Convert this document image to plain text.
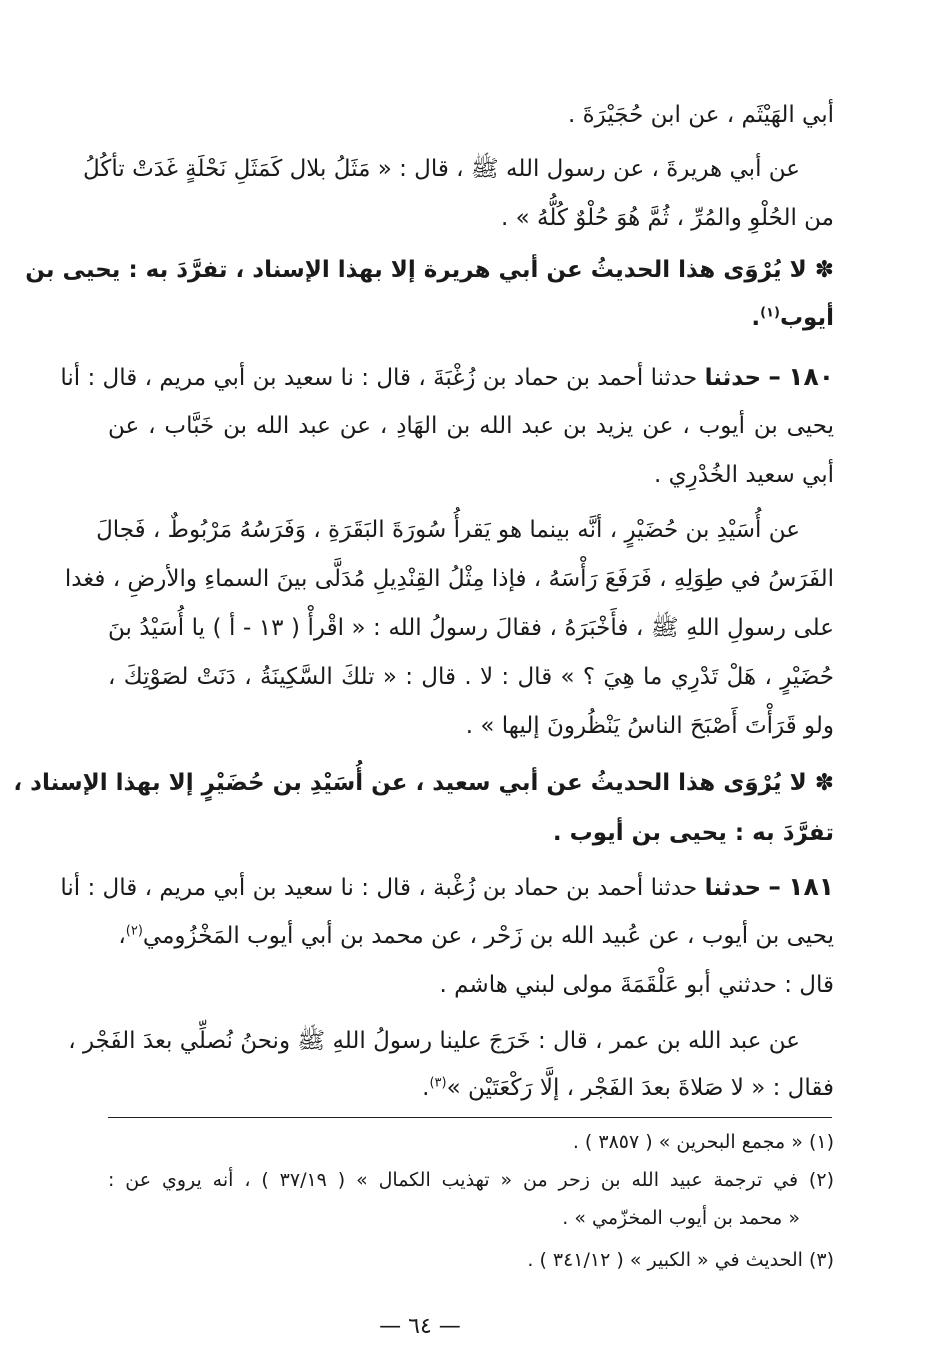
أبي الهَيْثَم ، عن ابن حُجَيْرَةَ .
عن أبي هريرةَ ، عن رسول الله ﷺ ، قال : « مَثَلُ بلال كَمَثَلِ نَحْلَةٍ غَدَتْ تأكُلُ
من الحُلْوِ والمُرِّ ، ثُمَّ هُوَ حُلْوٌ كُلُّهُ » .
✽ لا يُرْوَى هذا الحديثُ عن أبي هريرة إلا بهذا الإسناد ، تفرَّدَ به : يحيى بن
أيوب$^{(١)}$.
١٨٠ – حدثنا حدثنا أحمد بن حماد بن زُغْبَةَ ، قال : نا سعيد بن أبي مريم ، قال : أنا
يحيى بن أيوب ، عن يزيد بن عبد الله بن الهَادِ ، عن عبد الله بن خَبَّاب ، عن
أبي سعيد الخُدْرِي .
عن أُسَيْدِ بن حُضَيْرٍ ، أنَّه بينما هو يَقرأُ سُورَةَ البَقَرَةِ ، وَفَرَسُهُ مَرْبُوطٌ ، فَجالَ
الفَرَسُ في طِوَلِهِ ، فَرَفَعَ رَأْسَهُ ، فإذا مِثْلُ القِنْدِيلِ مُدَلَّى بينَ السماءِ والأرضِ ، فغدا
على رسولِ اللهِ ﷺ ، فأَخْبَرَهُ ، فقالَ رسولُ الله : « اقْرأْ ( ١٣ - أ ) يا أُسَيْدُ بنَ
حُضَيْرٍ ، هَلْ تَدْرِي ما هِيَ ؟ » قال : لا . قال : « تلكَ السَّكِينَةُ ، دَنَتْ لصَوْتِكَ ،
ولو قَرَأْتَ أَصْبَحَ الناسُ يَنْظُرونَ إليها » .
✽ لا يُرْوَى هذا الحديثُ عن أبي سعيد ، عن أُسَيْدِ بن حُضَيْرٍ إلا بهذا الإسناد ،
تفرَّدَ به : يحيى بن أيوب .
١٨١ – حدثنا حدثنا أحمد بن حماد بن زُغْبة ، قال : نا سعيد بن أبي مريم ، قال : أنا
يحيى بن أيوب ، عن عُبيد الله بن زَحْر ، عن محمد بن أبي أيوب المَخْزُومي$^{(٢)}$،
قال : حدثني أبو عَلْقَمَةَ مولى لبني هاشم .
عن عبد الله بن عمر ، قال : خَرَجَ علينا رسولُ اللهِ ﷺ ونحنُ نُصلِّي بعدَ الفَجْر ،
فقال : « لا صَلاةَ بعدَ الفَجْر ، إلَّا رَكْعَتَيْن »$^{(٣)}$.
(١) « مجمع البحرين » ( ٣٨٥٧ ) .
(٢) في ترجمة عبيد الله بن زحر من « تهذيب الكمال » ( ٣٧/١٩ ) ، أنه يروي عن :
« محمد بن أيوب المخزّمي » .
(٣) الحديث في « الكبير » ( ٣٤١/١٢ ) .
— ٦٤ —
